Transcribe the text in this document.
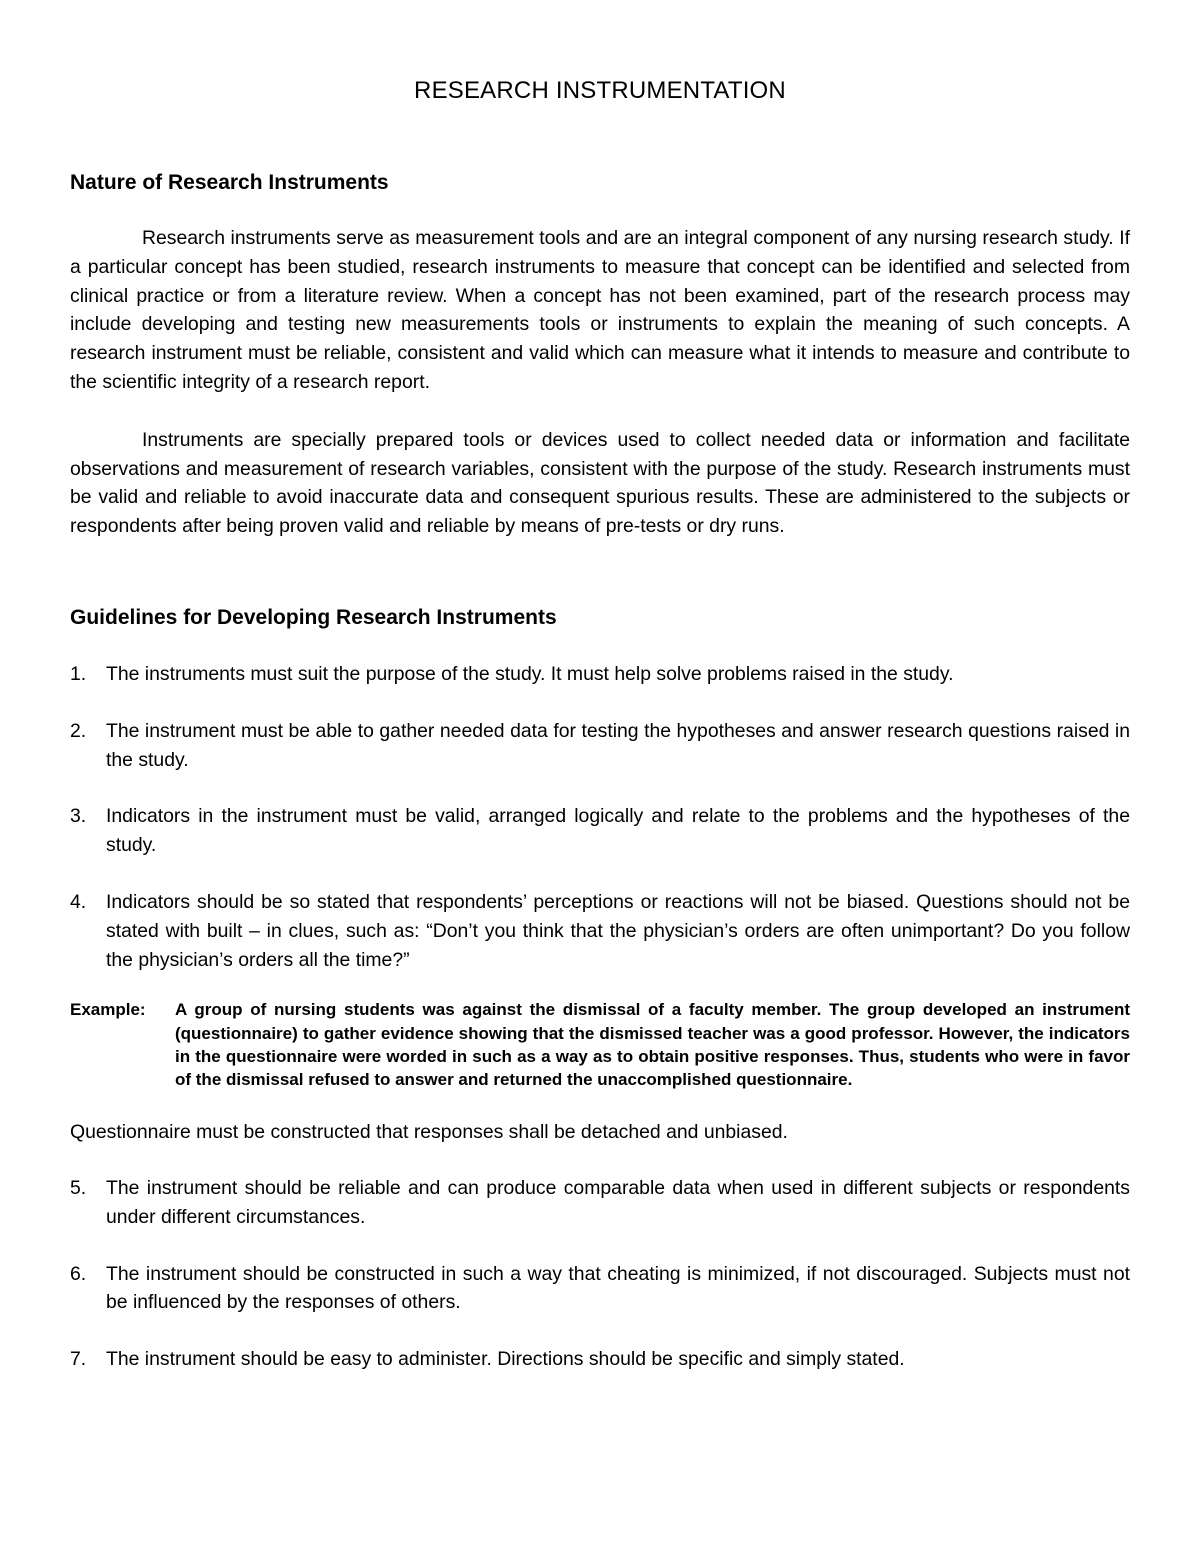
RESEARCH INSTRUMENTATION
Nature of Research Instruments

Research instruments serve as measurement tools and are an integral component of any nursing research study. If a particular concept has been studied, research instruments to measure that concept can be identified and selected from clinical practice or from a literature review. When a concept has not been examined, part of the research process may include developing and testing new measurements tools or instruments to explain the meaning of such concepts. A research instrument must be reliable, consistent and valid which can measure what it intends to measure and contribute to the scientific integrity of a research report.

Instruments are specially prepared tools or devices used to collect needed data or information and facilitate observations and measurement of research variables, consistent with the purpose of the study. Research instruments must be valid and reliable to avoid inaccurate data and consequent spurious results. These are administered to the subjects or respondents after being proven valid and reliable by means of pre-tests or dry runs.

Guidelines for Developing Research Instruments
1. The instruments must suit the purpose of the study. It must help solve problems raised in the study.
2. The instrument must be able to gather needed data for testing the hypotheses and answer research questions raised in the study.
3. Indicators in the instrument must be valid, arranged logically and relate to the problems and the hypotheses of the study.
4. Indicators should be so stated that respondents’ perceptions or reactions will not be biased. Questions should not be stated with built – in clues, such as: “Don’t you think that the physician’s orders are often unimportant? Do you follow the physician’s orders all the time?”
Example:	A group of nursing students was against the dismissal of a faculty member. The group developed an instrument (questionnaire) to gather evidence showing that the dismissed teacher was a good professor. However, the indicators in the questionnaire were worded in such as a way as to obtain positive responses. Thus, students who were in favor of the dismissal refused to answer and returned the unaccomplished questionnaire.
Questionnaire must be constructed that responses shall be detached and unbiased.
5. The instrument should be reliable and can produce comparable data when used in different subjects or respondents under different circumstances.
6. The instrument should be constructed in such a way that cheating is minimized, if not discouraged. Subjects must not be influenced by the responses of others.
7. The instrument should be easy to administer. Directions should be specific and simply stated.
